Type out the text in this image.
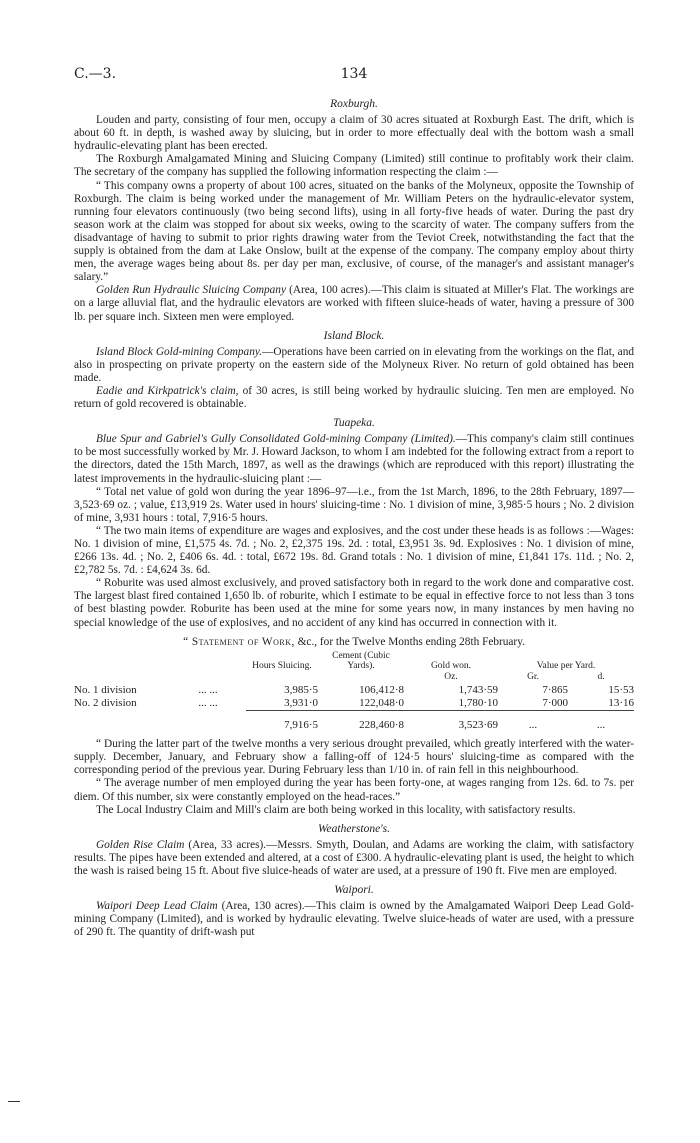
C.—3.	134
Roxburgh.

Louden and party, consisting of four men, occupy a claim of 30 acres situated at Roxburgh East. The drift, which is about 60 ft. in depth, is washed away by sluicing, but in order to more effectually deal with the bottom wash a small hydraulic-elevating plant has been erected.

The Roxburgh Amalgamated Mining and Sluicing Company (Limited) still continue to profitably work their claim. The secretary of the company has supplied the following information respecting the claim :—

“ This company owns a property of about 100 acres, situated on the banks of the Molyneux, opposite the Township of Roxburgh. The claim is being worked under the management of Mr. William Peters on the hydraulic-elevator system, running four elevators continuously (two being second lifts), using in all forty-five heads of water. During the past dry season work at the claim was stopped for about six weeks, owing to the scarcity of water. The company suffers from the disadvantage of having to submit to prior rights drawing water from the Teviot Creek, notwithstanding the fact that the supply is obtained from the dam at Lake Onslow, built at the expense of the company. The company employ about thirty men, the average wages being about 8s. per day per man, exclusive, of course, of the manager's and assistant manager's salary.”

Golden Run Hydraulic Sluicing Company (Area, 100 acres).—This claim is situated at Miller's Flat. The workings are on a large alluvial flat, and the hydraulic elevators are worked with fifteen sluice-heads of water, having a pressure of 300 lb. per square inch. Sixteen men were employed.

Island Block.

Island Block Gold-mining Company.—Operations have been carried on in elevating from the workings on the flat, and also in prospecting on private property on the eastern side of the Molyneux River. No return of gold obtained has been made.

Eadie and Kirkpatrick's claim, of 30 acres, is still being worked by hydraulic sluicing. Ten men are employed. No return of gold recovered is obtainable.

Tuapeka.

Blue Spur and Gabriel's Gully Consolidated Gold-mining Company (Limited).—This company's claim still continues to be most successfully worked by Mr. J. Howard Jackson, to whom I am indebted for the following extract from a report to the directors, dated the 15th March, 1897, as well as the drawings (which are reproduced with this report) illustrating the latest improvements in the hydraulic-sluicing plant :—

“ Total net value of gold won during the year 1896–97—i.e., from the 1st March, 1896, to the 28th February, 1897—3,523·69 oz. ; value, £13,919 2s. Water used in hours' sluicing-time : No. 1 division of mine, 3,985·5 hours ; No. 2 division of mine, 3,931 hours : total, 7,916·5 hours.

“ The two main items of expenditure are wages and explosives, and the cost under these heads is as follows :—Wages: No. 1 division of mine, £1,575 4s. 7d. ; No. 2, £2,375 19s. 2d. : total, £3,951 3s. 9d. Explosives : No. 1 division of mine, £266 13s. 4d. ; No. 2, £406 6s. 4d. : total, £672 19s. 8d. Grand totals : No. 1 division of mine, £1,841 17s. 11d. ; No. 2, £2,782 5s. 7d. : £4,624 3s. 6d.

“ Roburite was used almost exclusively, and proved satisfactory both in regard to the work done and comparative cost. The largest blast fired contained 1,650 lb. of roburite, which I estimate to be equal in effective force to not less than 3 tons of best blasting powder. Roburite has been used at the mine for some years now, in many instances by men having no special knowledge of the use of explosives, and no accident of any kind has occurred in connection with it.

“ Statement of Work, &c., for the Twelve Months ending 28th February.
		Hours Sluicing.	Cement (Cubic Yards).	Gold won.	Value per Yard.	
				Oz.	Gr.	d.
No. 1 division	... ...	3,985·5	106,412·8	1,743·59	7·865	15·53
No. 2 division	... ...	3,931·0	122,048·0	1,780·10	7·000	13·16

		7,916·5	228,460·8	3,523·69	...	...

“ During the latter part of the twelve months a very serious drought prevailed, which greatly interfered with the water-supply. December, January, and February show a falling-off of 124·5 hours' sluicing-time as compared with the corresponding period of the previous year. During February less than 1/10 in. of rain fell in this neighbourhood.

“ The average number of men employed during the year has been forty-one, at wages ranging from 12s. 6d. to 7s. per diem. Of this number, six were constantly employed on the head-races.”

The Local Industry Claim and Mill's claim are both being worked in this locality, with satisfactory results.

Weatherstone's.

Golden Rise Claim (Area, 33 acres).—Messrs. Smyth, Doulan, and Adams are working the claim, with satisfactory results. The pipes have been extended and altered, at a cost of £300. A hydraulic-elevating plant is used, the height to which the wash is raised being 15 ft. About five sluice-heads of water are used, at a pressure of 190 ft. Five men are employed.

Waipori.

Waipori Deep Lead Claim (Area, 130 acres).—This claim is owned by the Amalgamated Waipori Deep Lead Gold-mining Company (Limited), and is worked by hydraulic elevating. Twelve sluice-heads of water are used, with a pressure of 290 ft. The quantity of drift-wash put
